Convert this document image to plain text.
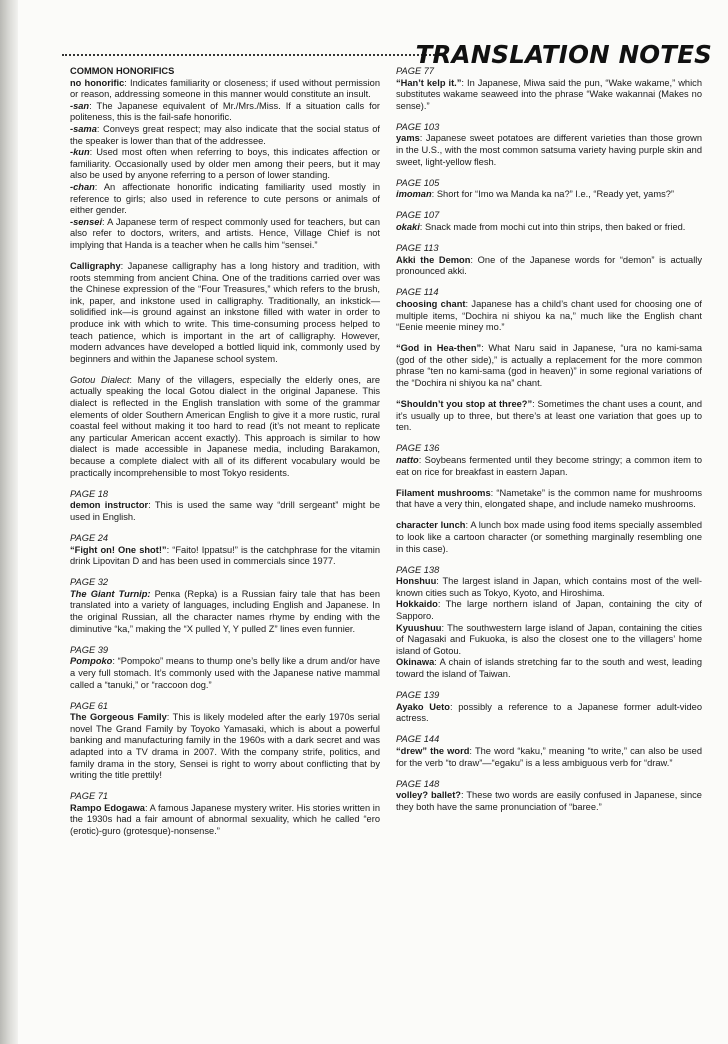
TRANSLATION NOTES
COMMON HONORIFICS
no honorific: Indicates familiarity or closeness; if used without permission or reason, addressing someone in this manner would constitute an insult.
-san: The Japanese equivalent of Mr./Mrs./Miss. If a situation calls for politeness, this is the fail-safe honorific.
-sama: Conveys great respect; may also indicate that the social status of the speaker is lower than that of the addressee.
-kun: Used most often when referring to boys, this indicates affection or familiarity. Occasionally used by older men among their peers, but it may also be used by anyone referring to a person of lower standing.
-chan: An affectionate honorific indicating familiarity used mostly in reference to girls; also used in reference to cute persons or animals of either gender.
-sensei: A Japanese term of respect commonly used for teachers, but can also refer to doctors, writers, and artists. Hence, Village Chief is not implying that Handa is a teacher when he calls him “sensei.”
Calligraphy: Japanese calligraphy has a long history and tradition, with roots stemming from ancient China. One of the traditions carried over was the Chinese expression of the “Four Treasures,” which refers to the brush, ink, paper, and inkstone used in calligraphy. Traditionally, an inkstick—solidified ink—is ground against an inkstone filled with water in order to produce ink with which to write. This time-consuming process helped to teach patience, which is important in the art of calligraphy. However, modern advances have developed a bottled liquid ink, commonly used by beginners and within the Japanese school system.
Gotou Dialect: Many of the villagers, especially the elderly ones, are actually speaking the local Gotou dialect in the original Japanese. This dialect is reflected in the English translation with some of the grammar elements of older Southern American English to give it a more rustic, rural coastal feel without making it too hard to read (it’s not meant to replicate any particular American accent exactly). This approach is similar to how dialect is made accessible in Japanese media, including Barakamon, because a complete dialect with all of its different vocabulary would be practically incomprehensible to most Tokyo residents.
PAGE 18
demon instructor: This is used the same way “drill sergeant” might be used in English.
PAGE 24
“Fight on! One shot!”: “Faito! Ippatsu!” is the catchphrase for the vitamin drink Lipovitan D and has been used in commercials since 1977.
PAGE 32
The Giant Turnip: Репка (Repka) is a Russian fairy tale that has been translated into a variety of languages, including English and Japanese. In the original Russian, all the character names rhyme by ending with the diminutive “ka,” making the “X pulled Y, Y pulled Z” lines even funnier.
PAGE 39
Pompoko: “Pompoko” means to thump one’s belly like a drum and/or have a very full stomach. It’s commonly used with the Japanese native mammal called a “tanuki,” or “raccoon dog.”
PAGE 61
The Gorgeous Family: This is likely modeled after the early 1970s serial novel The Grand Family by Toyoko Yamasaki, which is about a powerful banking and manufacturing family in the 1960s with a dark secret and was adapted into a TV drama in 2007. With the company strife, politics, and family drama in the story, Sensei is right to worry about conflicting that by writing the title prettily!
PAGE 71
Rampo Edogawa: A famous Japanese mystery writer. His stories written in the 1930s had a fair amount of abnormal sexuality, which he called “ero (erotic)-guro (grotesque)-nonsense.”
PAGE 77
“Han’t kelp it.”: In Japanese, Miwa said the pun, “Wake wakame,” which substitutes wakame seaweed into the phrase “Wake wakannai (Makes no sense).”
PAGE 103
yams: Japanese sweet potatoes are different varieties than those grown in the U.S., with the most common satsuma variety having purple skin and sweet, light-yellow flesh.
PAGE 105
imoman: Short for “Imo wa Manda ka na?” I.e., “Ready yet, yams?”
PAGE 107
okaki: Snack made from mochi cut into thin strips, then baked or fried.
PAGE 113
Akki the Demon: One of the Japanese words for “demon” is actually pronounced akki.
PAGE 114
choosing chant: Japanese has a child’s chant used for choosing one of multiple items, “Dochira ni shiyou ka na,” much like the English chant “Eenie meenie miney mo.”
“God in Hea-then”: What Naru said in Japanese, “ura no kami-sama (god of the other side),” is actually a replacement for the more common phrase “ten no kami-sama (god in heaven)” in some regional variations of the “Dochira ni shiyou ka na” chant.
“Shouldn’t you stop at three?”: Sometimes the chant uses a count, and it’s usually up to three, but there’s at least one variation that goes up to ten.
PAGE 136
natto: Soybeans fermented until they become stringy; a common item to eat on rice for breakfast in eastern Japan.
Filament mushrooms: “Nametake” is the common name for mushrooms that have a very thin, elongated shape, and include nameko mushrooms.
character lunch: A lunch box made using food items specially assembled to look like a cartoon character (or something marginally resembling one in this case).
PAGE 138
Honshuu: The largest island in Japan, which contains most of the well-known cities such as Tokyo, Kyoto, and Hiroshima.
Hokkaido: The large northern island of Japan, containing the city of Sapporo.
Kyuushuu: The southwestern large island of Japan, containing the cities of Nagasaki and Fukuoka, is also the closest one to the villagers’ home island of Gotou.
Okinawa: A chain of islands stretching far to the south and west, leading toward the island of Taiwan.
PAGE 139
Ayako Ueto: possibly a reference to a Japanese former adult-video actress.
PAGE 144
“drew” the word: The word “kaku,” meaning “to write,” can also be used for the verb “to draw”—“egaku” is a less ambiguous verb for “draw.”
PAGE 148
volley? ballet?: These two words are easily confused in Japanese, since they both have the same pronunciation of “baree.”
